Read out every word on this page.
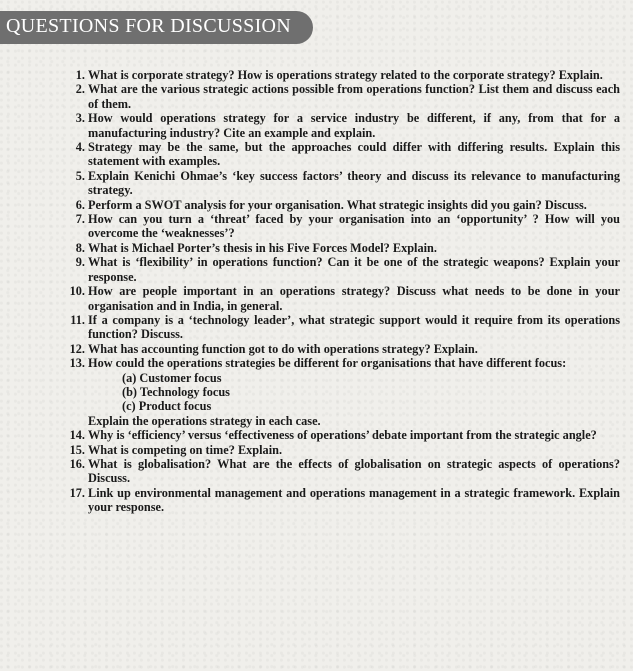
QUESTIONS FOR DISCUSSION
1. What is corporate strategy? How is operations strategy related to the corporate strategy? Explain.
2. What are the various strategic actions possible from operations function? List them and discuss each of them.
3. How would operations strategy for a service industry be different, if any, from that for a manufacturing industry? Cite an example and explain.
4. Strategy may be the same, but the approaches could differ with differing results. Explain this statement with examples.
5. Explain Kenichi Ohmae’s ‘key success factors’ theory and discuss its relevance to manufacturing strategy.
6. Perform a SWOT analysis for your organisation. What strategic insights did you gain? Discuss.
7. How can you turn a ‘threat’ faced by your organisation into an ‘opportunity’ ? How will you overcome the ‘weaknesses’?
8. What is Michael Porter’s thesis in his Five Forces Model? Explain.
9. What is ‘flexibility’ in operations function? Can it be one of the strategic weapons? Explain your response.
10. How are people important in an operations strategy? Discuss what needs to be done in your organisation and in India, in general.
11. If a company is a ‘technology leader’, what strategic support would it require from its operations function? Discuss.
12. What has accounting function got to do with operations strategy? Explain.
13. How could the operations strategies be different for organisations that have different focus:
(a) Customer focus
(b) Technology focus
(c) Product focus
Explain the operations strategy in each case.
14. Why is ‘efficiency’ versus ‘effectiveness of operations’ debate important from the strategic angle?
15. What is competing on time? Explain.
16. What is globalisation? What are the effects of globalisation on strategic aspects of operations? Discuss.
17. Link up environmental management and operations management in a strategic framework. Explain your response.
